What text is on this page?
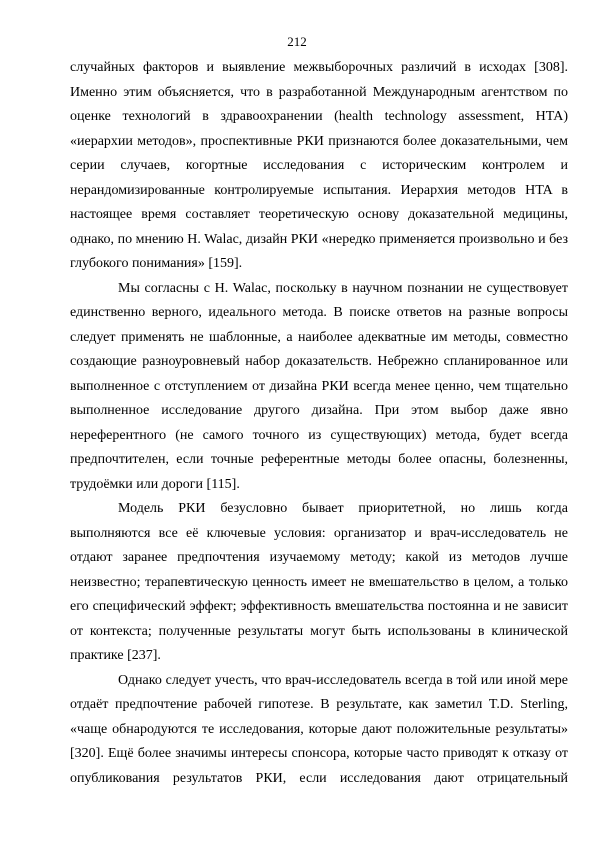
212

случайных факторов и выявление межвыборочных различий в исходах [308]. Именно этим объясняется, что в разработанной Международным агентством по оценке технологий в здравоохранении (health technology assessment, HTA) «иерархии методов», проспективные РКИ признаются более доказательными, чем серии случаев, когортные исследования с историческим контролем и нерандомизированные контролируемые испытания. Иерархия методов HTA в настоящее время составляет теоретическую основу доказательной медицины, однако, по мнению H. Walac, дизайн РКИ «нередко применяется произвольно и без глубокого понимания» [159].

Мы согласны с H. Walac, поскольку в научном познании не существовует единственно верного, идеального метода. В поиске ответов на разные вопросы следует применять не шаблонные, а наиболее адекватные им методы, совместно создающие разноуровневый набор доказательств. Небрежно спланированное или выполненное с отступлением от дизайна РКИ всегда менее ценно, чем тщательно выполненное исследование другого дизайна. При этом выбор даже явно нереферентного (не самого точного из существующих) метода, будет всегда предпочтителен, если точные референтные методы более опасны, болезненны, трудоёмки или дороги [115].

Модель РКИ безусловно бывает приоритетной, но лишь когда выполняются все её ключевые условия: организатор и врач-исследователь не отдают заранее предпочтения изучаемому методу; какой из методов лучше неизвестно; терапевтическую ценность имеет не вмешательство в целом, а только его специфический эффект; эффективность вмешательства постоянна и не зависит от контекста; полученные результаты могут быть использованы в клинической практике [237].

Однако следует учесть, что врач-исследователь всегда в той или иной мере отдаёт предпочтение рабочей гипотезе. В результате, как заметил T.D. Sterling, «чаще обнародуются те исследования, которые дают положительные результаты» [320]. Ещё более значимы интересы спонсора, которые часто приводят к отказу от опубликования результатов РКИ, если исследования дают отрицательный
